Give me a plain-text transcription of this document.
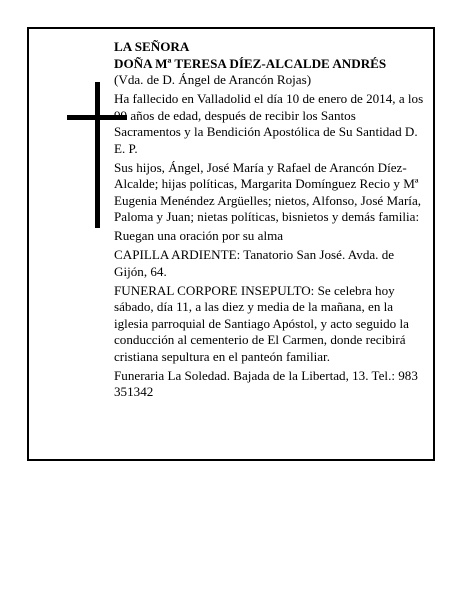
LA SEÑORA

DOÑA Mª TERESA DÍEZ-ALCALDE ANDRÉS

(Vda. de D. Ángel de Arancón Rojas)

Ha fallecido en Valladolid el día 10 de enero de 2014, a los 99 años de edad, después de recibir los Santos Sacramentos y la Bendición Apostólica de Su Santidad D. E. P.

Sus hijos, Ángel, José María y Rafael de Arancón Díez-Alcalde; hijas políticas, Margarita Domínguez Recio y Mª Eugenia Menéndez Argüelles; nietos, Alfonso, José María, Paloma y Juan; nietas políticas, bisnietos y demás familia:

Ruegan una oración por su alma

CAPILLA ARDIENTE: Tanatorio San José. Avda. de Gijón, 64.

FUNERAL CORPORE INSEPULTO: Se celebra hoy sábado, día 11, a las diez y media de la mañana, en la iglesia parroquial de Santiago Apóstol, y acto seguido la conducción al cementerio de El Carmen, donde recibirá cristiana sepultura en el panteón familiar.

Funeraria La Soledad. Bajada de la Libertad, 13. Tel.: 983 351342
